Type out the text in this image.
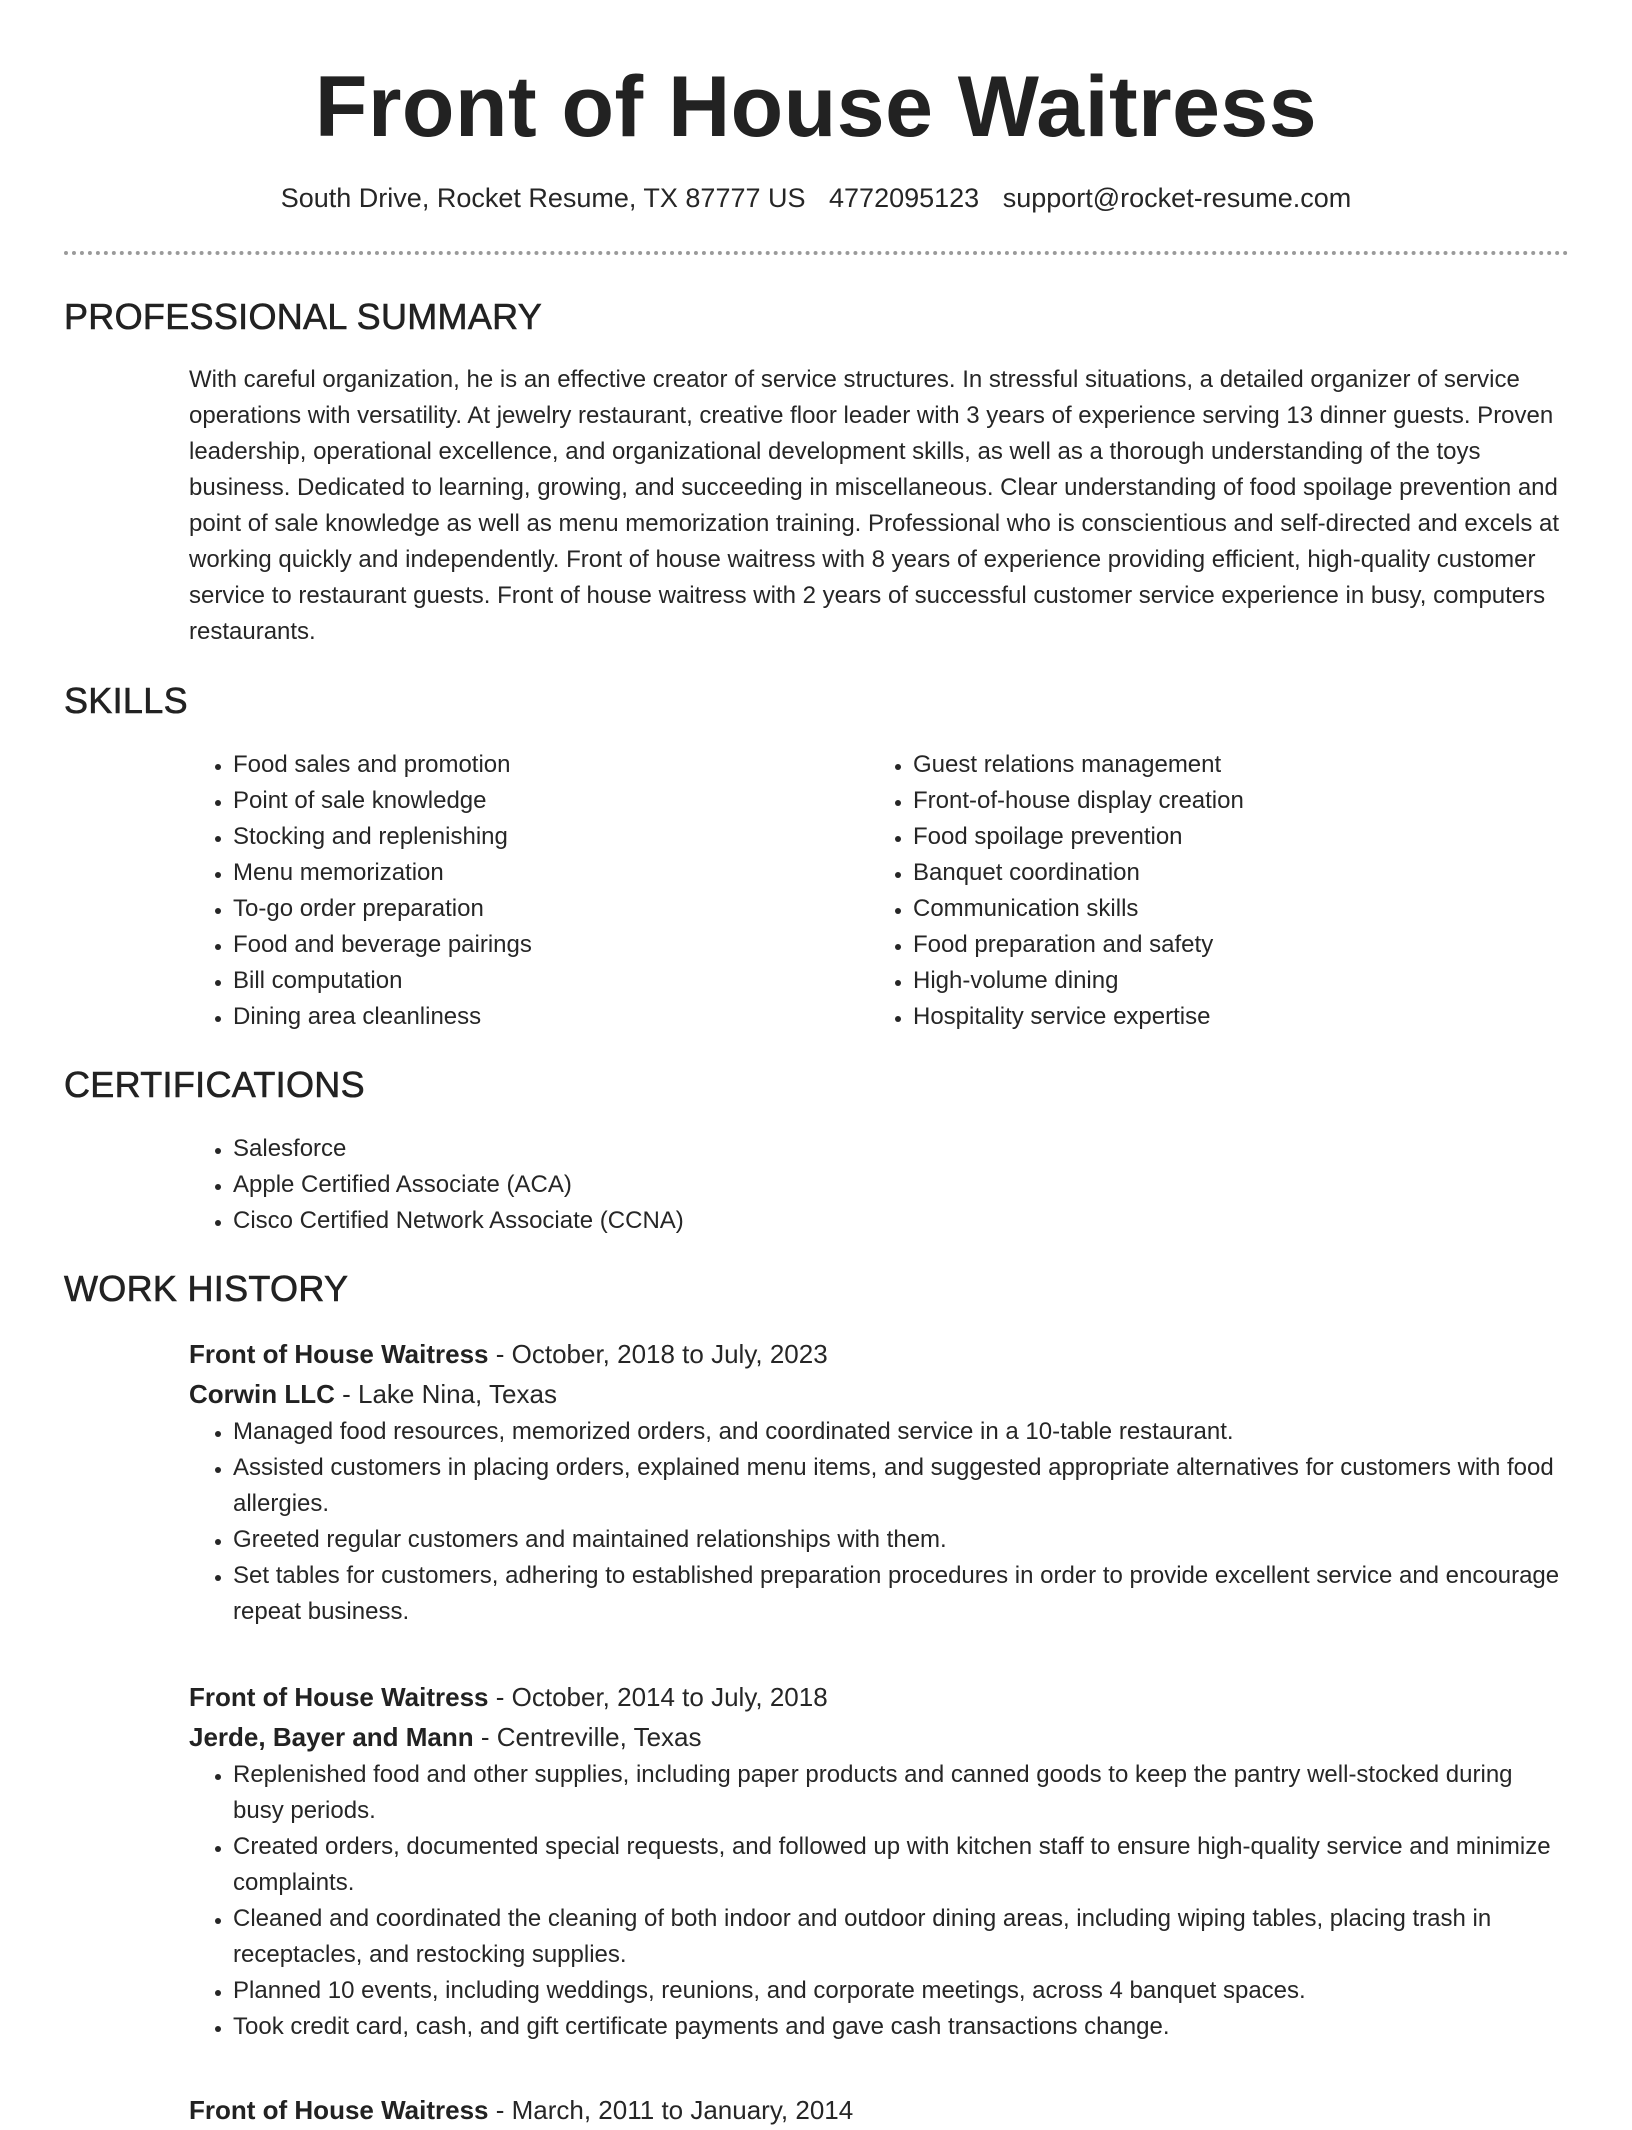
Front of House Waitress
South Drive, Rocket Resume, TX 87777 US 4772095123 support@rocket-resume.com
PROFESSIONAL SUMMARY

With careful organization, he is an effective creator of service structures. In stressful situations, a detailed organizer of service operations with versatility. At jewelry restaurant, creative floor leader with 3 years of experience serving 13 dinner guests. Proven leadership, operational excellence, and organizational development skills, as well as a thorough understanding of the toys business. Dedicated to learning, growing, and succeeding in miscellaneous. Clear understanding of food spoilage prevention and point of sale knowledge as well as menu memorization training. Professional who is conscientious and self-directed and excels at working quickly and independently. Front of house waitress with 8 years of experience providing efficient, high-quality customer service to restaurant guests. Front of house waitress with 2 years of successful customer service experience in busy, computers restaurants.

SKILLS
• Food sales and promotion
• Point of sale knowledge
• Stocking and replenishing
• Menu memorization
• To-go order preparation
• Food and beverage pairings
• Bill computation
• Dining area cleanliness
• Guest relations management
• Front-of-house display creation
• Food spoilage prevention
• Banquet coordination
• Communication skills
• Food preparation and safety
• High-volume dining
• Hospitality service expertise
CERTIFICATIONS
• Salesforce
• Apple Certified Associate (ACA)
• Cisco Certified Network Associate (CCNA)
WORK HISTORY
Front of House Waitress - October, 2018 to July, 2023
Corwin LLC - Lake Nina, Texas
• Managed food resources, memorized orders, and coordinated service in a 10-table restaurant.
• Assisted customers in placing orders, explained menu items, and suggested appropriate alternatives for customers with food allergies.
• Greeted regular customers and maintained relationships with them.
• Set tables for customers, adhering to established preparation procedures in order to provide excellent service and encourage repeat business.
Front of House Waitress - October, 2014 to July, 2018
Jerde, Bayer and Mann - Centreville, Texas
• Replenished food and other supplies, including paper products and canned goods to keep the pantry well-stocked during busy periods.
• Created orders, documented special requests, and followed up with kitchen staff to ensure high-quality service and minimize complaints.
• Cleaned and coordinated the cleaning of both indoor and outdoor dining areas, including wiping tables, placing trash in receptacles, and restocking supplies.
• Planned 10 events, including weddings, reunions, and corporate meetings, across 4 banquet spaces.
• Took credit card, cash, and gift certificate payments and gave cash transactions change.
Front of House Waitress - March, 2011 to January, 2014
